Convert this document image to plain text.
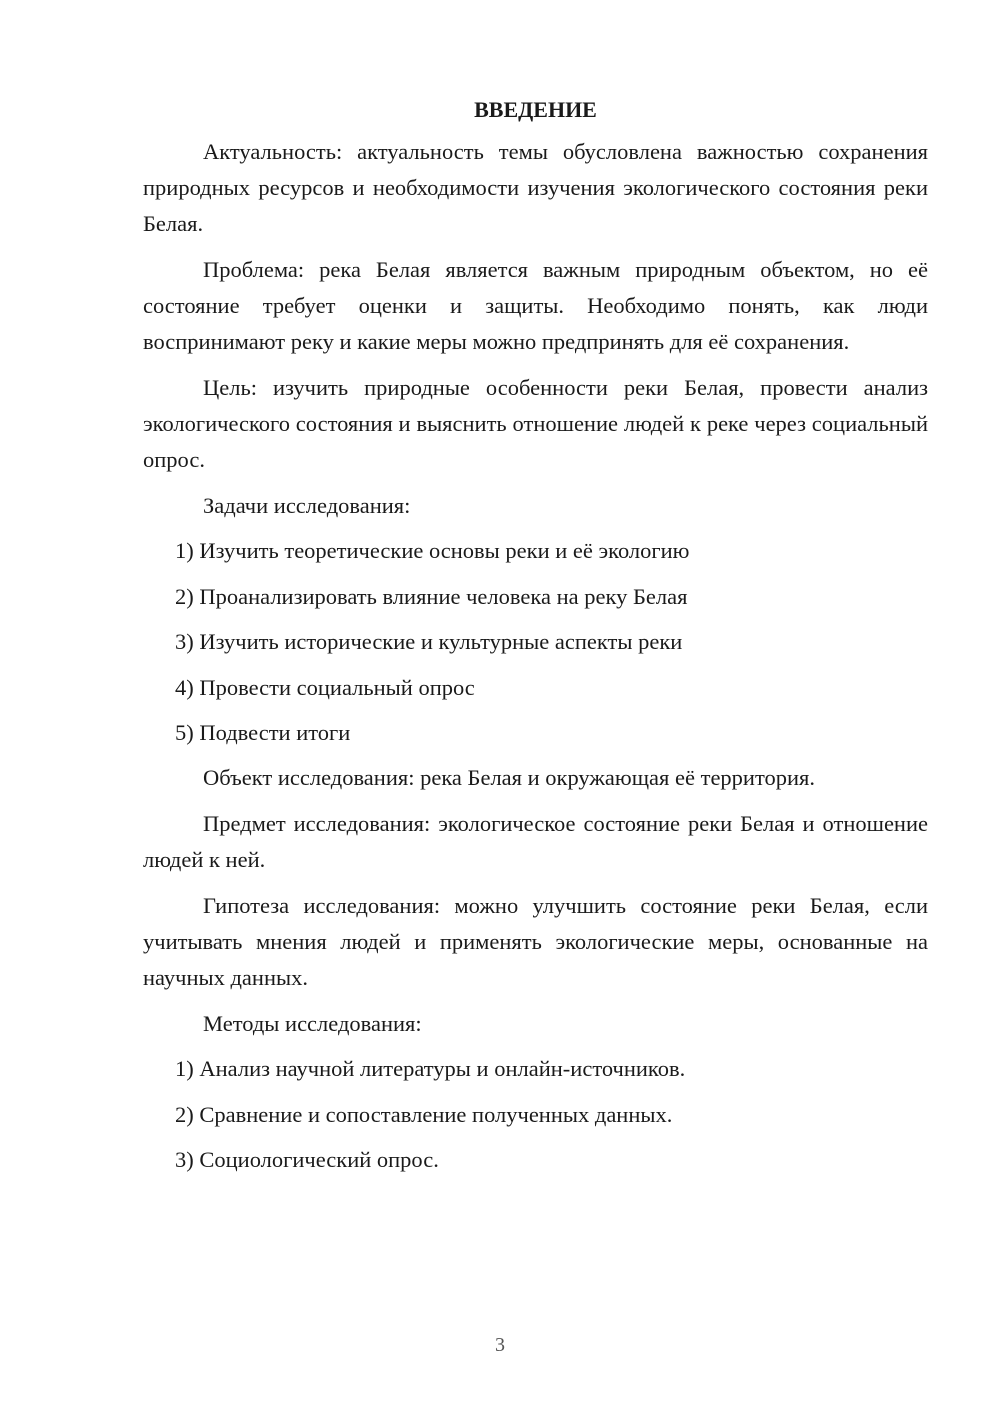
ВВЕДЕНИЕ

Актуальность: актуальность темы обусловлена важностью сохранения природных ресурсов и необходимости изучения экологического состояния реки Белая.

Проблема: река Белая является важным природным объектом, но её состояние требует оценки и защиты. Необходимо понять, как люди воспринимают реку и какие меры можно предпринять для её сохранения.

Цель: изучить природные особенности реки Белая, провести анализ экологического состояния и выяснить отношение людей к реке через социальный опрос.

Задачи исследования:

1) Изучить теоретические основы реки и её экологию
2) Проанализировать влияние человека на реку Белая
3) Изучить исторические и культурные аспекты реки
4) Провести социальный опрос
5) Подвести итоги

Объект исследования: река Белая и окружающая её территория.

Предмет исследования: экологическое состояние реки Белая и отношение людей к ней.

Гипотеза исследования: можно улучшить состояние реки Белая, если учитывать мнения людей и применять экологические меры, основанные на научных данных.

Методы исследования:

1) Анализ научной литературы и онлайн-источников.
2) Сравнение и сопоставление полученных данных.
3) Социологический опрос.
3
